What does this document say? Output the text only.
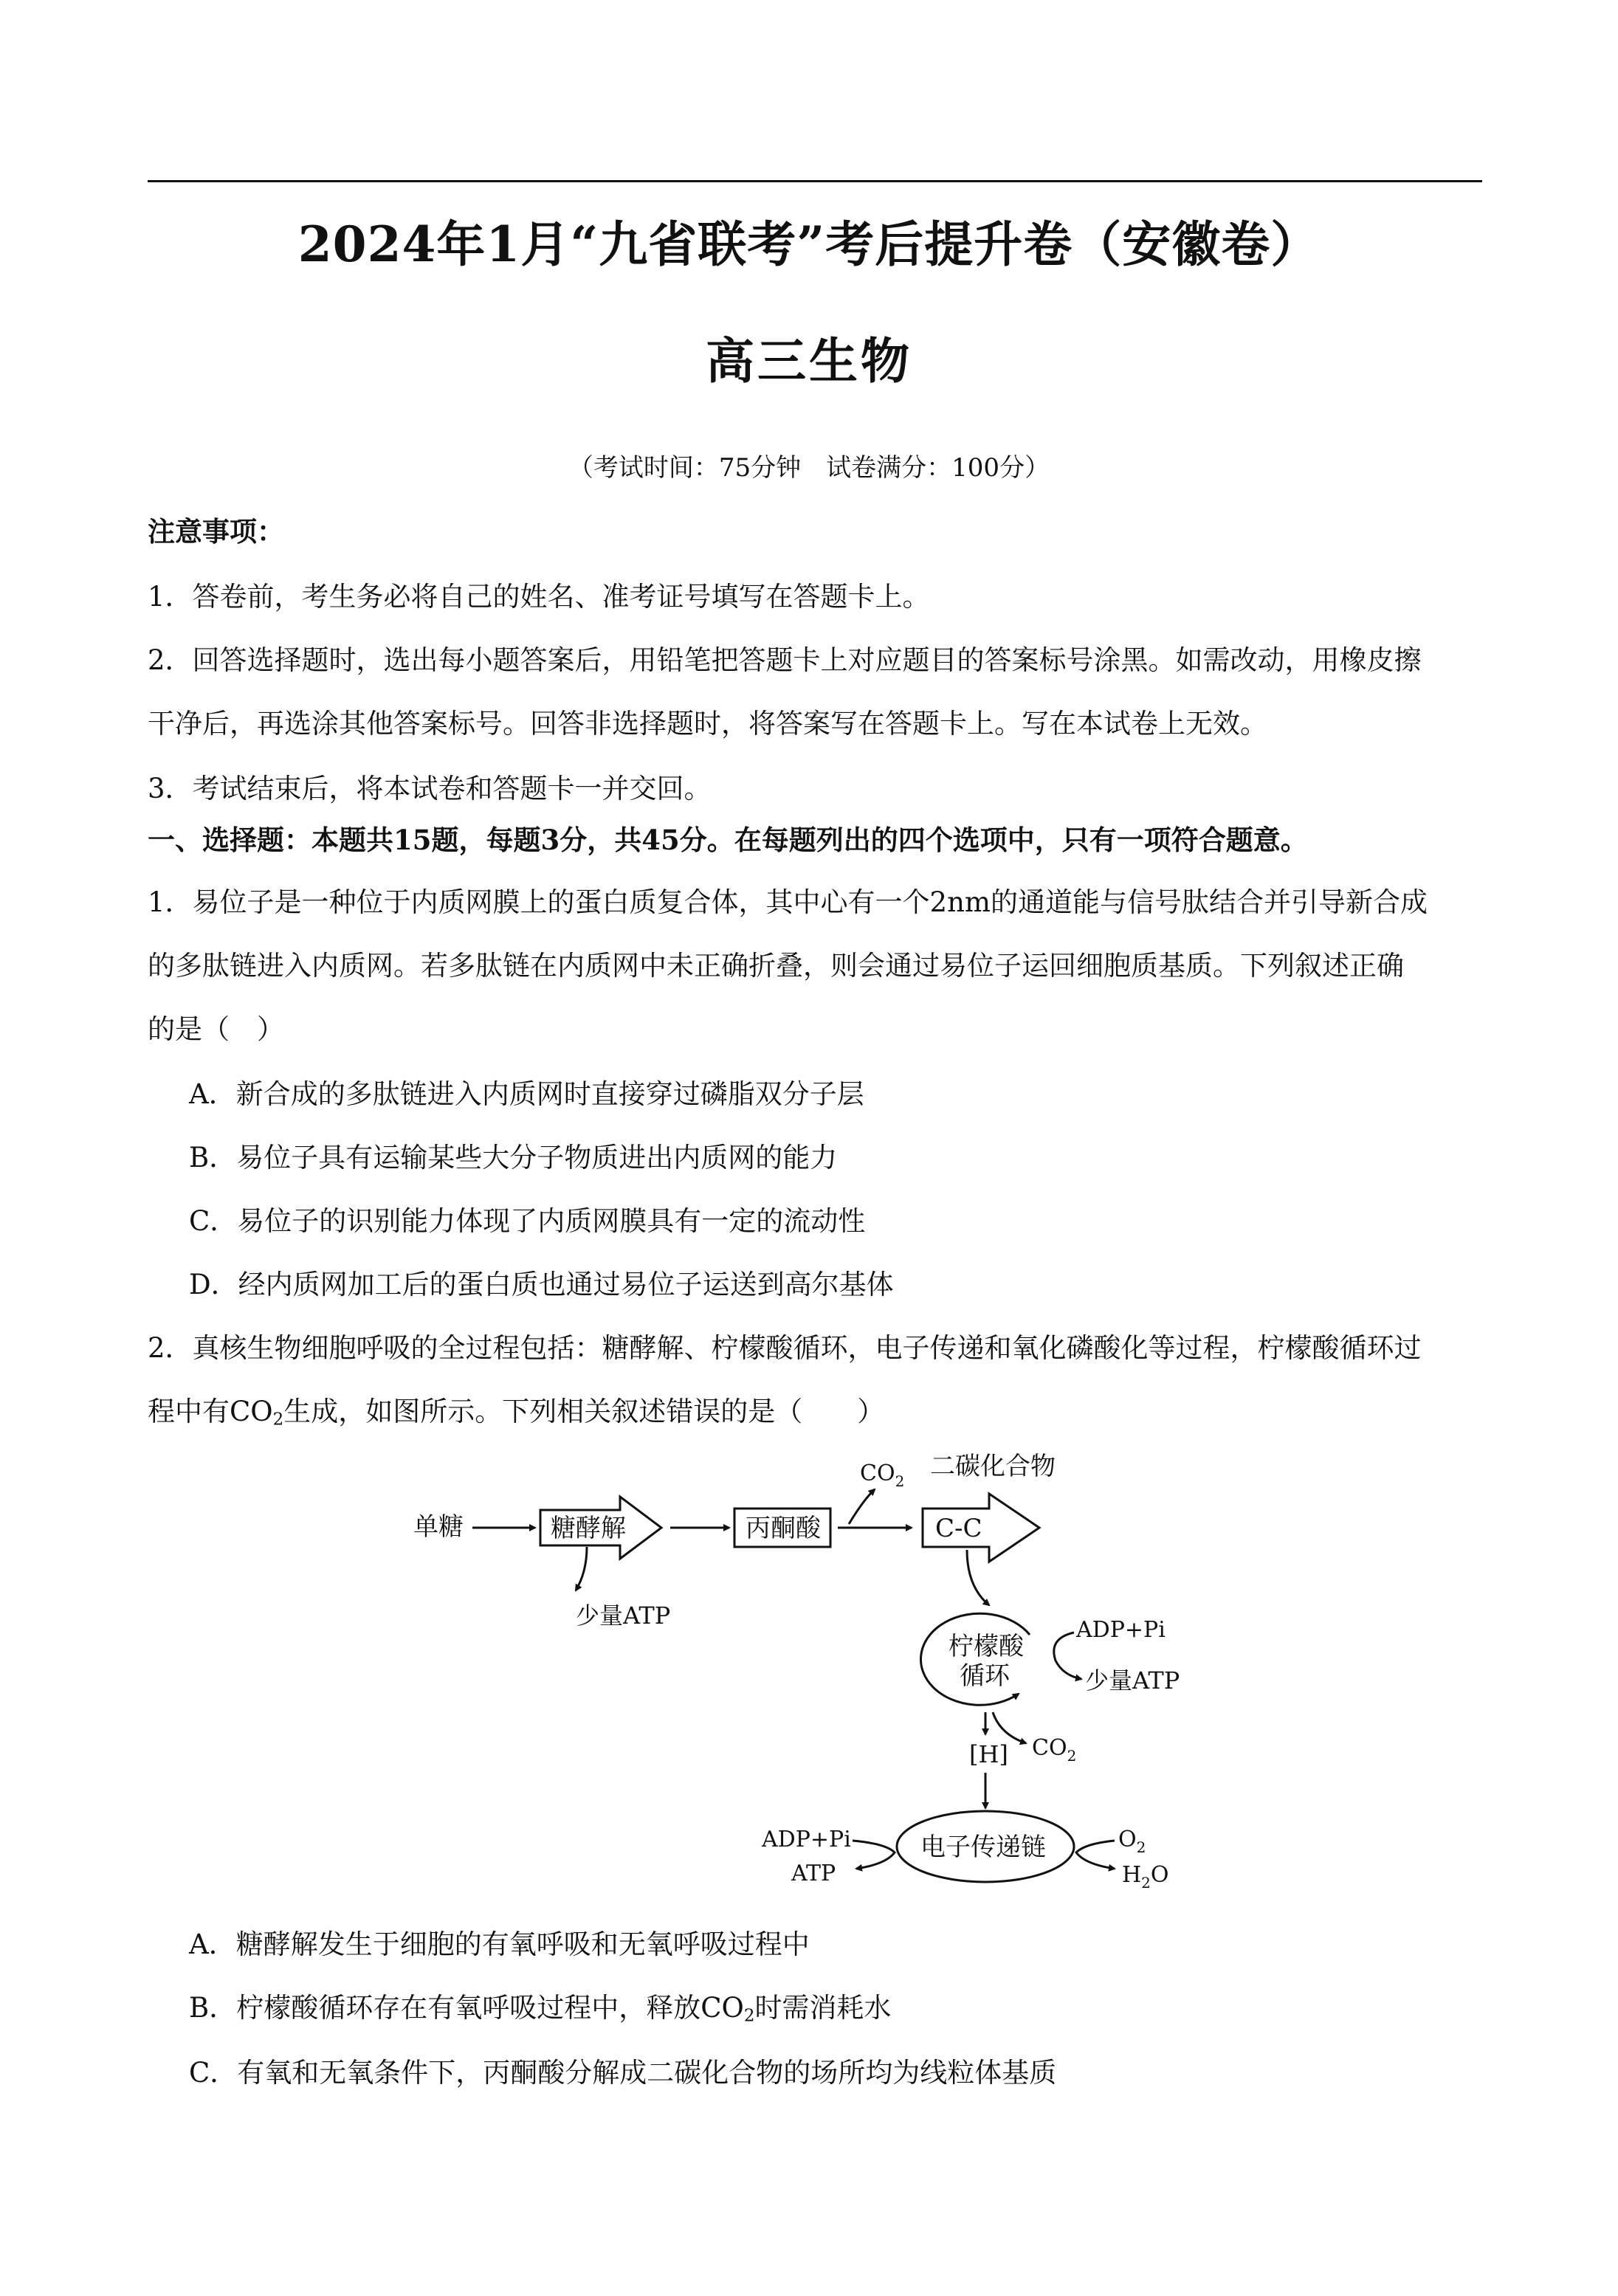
2024年1月“九省联考”考后提升卷（安徽卷）
高三生物
（考试时间：75分钟　试卷满分：100分）
注意事项：
1．答卷前，考生务必将自己的姓名、准考证号填写在答题卡上。
2．回答选择题时，选出每小题答案后，用铅笔把答题卡上对应题目的答案标号涂黑。如需改动，用橡皮擦
干净后，再选涂其他答案标号。回答非选择题时，将答案写在答题卡上。写在本试卷上无效。
3．考试结束后，将本试卷和答题卡一并交回。
一、选择题：本题共15题，每题3分，共45分。在每题列出的四个选项中，只有一项符合题意。
1．易位子是一种位于内质网膜上的蛋白质复合体，其中心有一个2nm的通道能与信号肽结合并引导新合成
的多肽链进入内质网。若多肽链在内质网中未正确折叠，则会通过易位子运回细胞质基质。下列叙述正确
的是（　）
A．新合成的多肽链进入内质网时直接穿过磷脂双分子层
B．易位子具有运输某些大分子物质进出内质网的能力
C．易位子的识别能力体现了内质网膜具有一定的流动性
D．经内质网加工后的蛋白质也通过易位子运送到高尔基体
2．真核生物细胞呼吸的全过程包括：糖酵解、柠檬酸循环，电子传递和氧化磷酸化等过程，柠檬酸循环过
程中有$CO_2$生成，如图所示。下列相关叙述错误的是（　　）
单糖	糖酵解
少量ATP
丙酮酸
$CO_2$ 二碳化合物
C-C
柠檬酸
循环
ADP+Pi
少量ATP
[H] $CO_2$
电子传递链
ADP+Pi
ATP
$O_2$
$H_2O$
A．糖酵解发生于细胞的有氧呼吸和无氧呼吸过程中
B．柠檬酸循环存在有氧呼吸过程中，释放$CO_2$时需消耗水
C．有氧和无氧条件下，丙酮酸分解成二碳化合物的场所均为线粒体基质
